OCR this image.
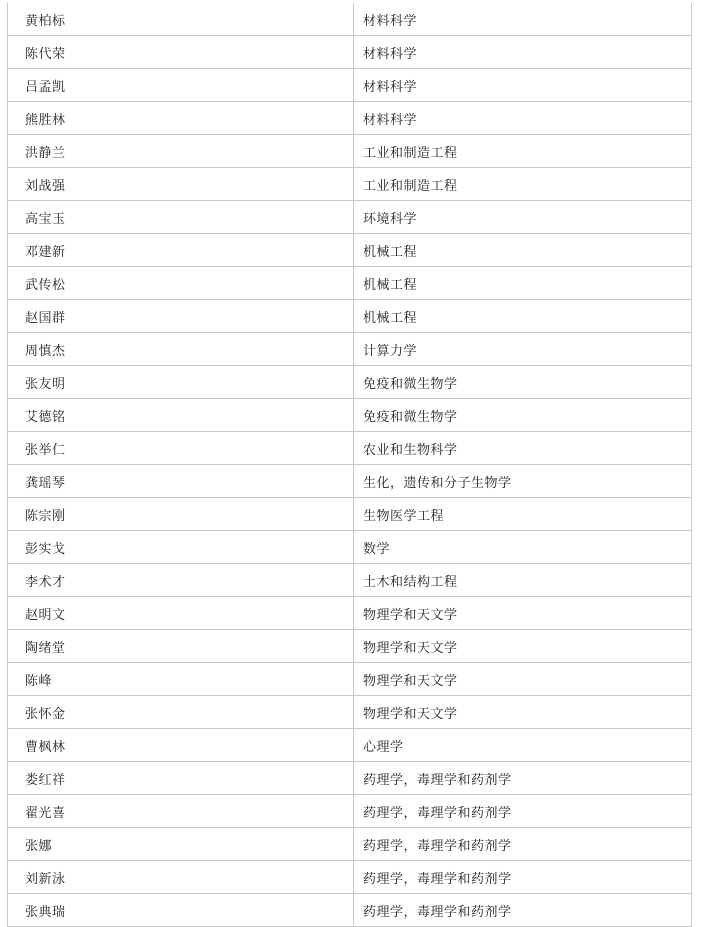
黄柏标	材料科学
陈代荣	材料科学
吕孟凯	材料科学
熊胜林	材料科学
洪静兰	工业和制造工程
刘战强	工业和制造工程
高宝玉	环境科学
邓建新	机械工程
武传松	机械工程
赵国群	机械工程
周慎杰	计算力学
张友明	免疫和微生物学
艾德铭	免疫和微生物学
张举仁	农业和生物科学
龚瑶琴	生化，遗传和分子生物学
陈宗刚	生物医学工程
彭实戈	数学
李术才	土木和结构工程
赵明文	物理学和天文学
陶绪堂	物理学和天文学
陈峰	物理学和天文学
张怀金	物理学和天文学
曹枫林	心理学
娄红祥	药理学，毒理学和药剂学
翟光喜	药理学，毒理学和药剂学
张娜	药理学，毒理学和药剂学
刘新泳	药理学，毒理学和药剂学
张典瑞	药理学，毒理学和药剂学
